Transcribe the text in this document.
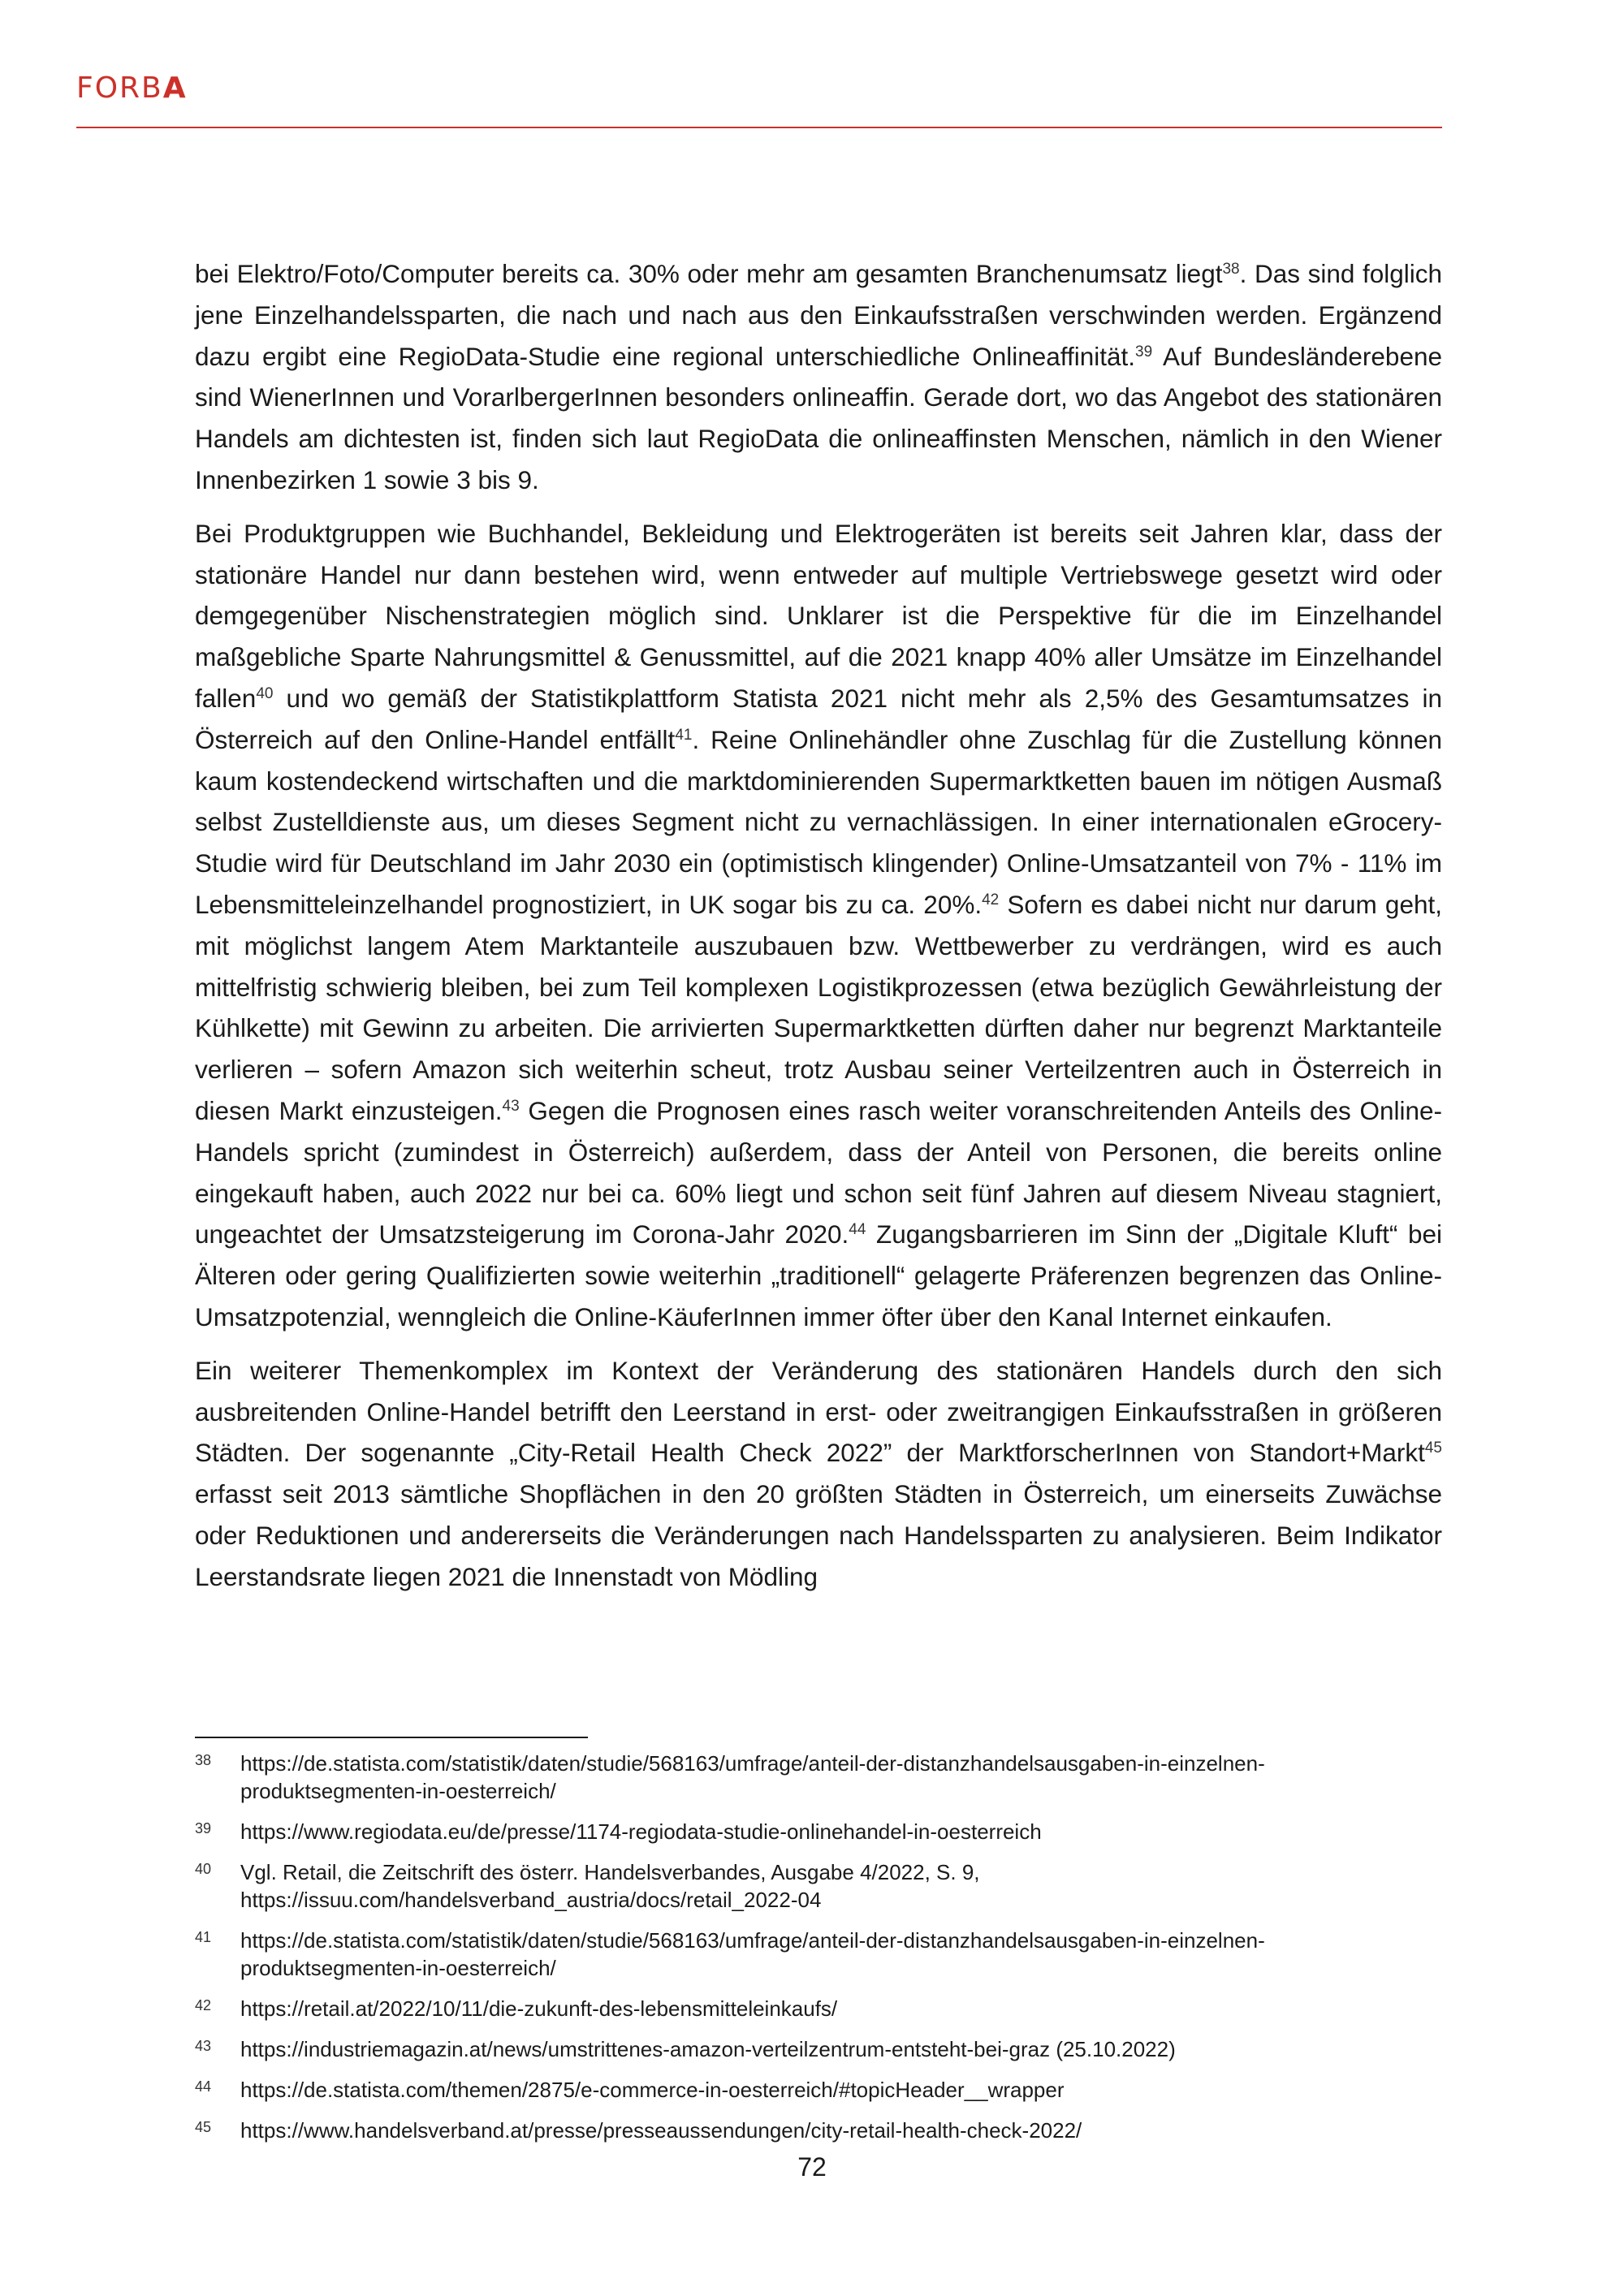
FORBA

bei Elektro/Foto/Computer bereits ca. 30% oder mehr am gesamten Branchenumsatz liegt$^{38}$. Das sind folglich jene Einzelhandelssparten, die nach und nach aus den Einkaufsstraßen verschwinden werden. Ergänzend dazu ergibt eine RegioData-Studie eine regional unterschiedliche Onlineaffinität.$^{39}$ Auf Bundesländerebene sind WienerInnen und VorarlbergerInnen besonders onlineaffin. Gerade dort, wo das Angebot des stationären Handels am dichtesten ist, finden sich laut RegioData die onlineaffinsten Menschen, nämlich in den Wiener Innenbezirken 1 sowie 3 bis 9.

Bei Produktgruppen wie Buchhandel, Bekleidung und Elektrogeräten ist bereits seit Jahren klar, dass der stationäre Handel nur dann bestehen wird, wenn entweder auf multiple Vertriebswege gesetzt wird oder demgegenüber Nischenstrategien möglich sind. Unklarer ist die Perspektive für die im Einzelhandel maßgebliche Sparte Nahrungsmittel & Genussmittel, auf die 2021 knapp 40% aller Umsätze im Einzelhandel fallen$^{40}$ und wo gemäß der Statistikplattform Statista 2021 nicht mehr als 2,5% des Gesamtumsatzes in Österreich auf den Online-Handel entfällt$^{41}$. Reine Onlinehändler ohne Zuschlag für die Zustellung können kaum kostendeckend wirtschaften und die marktdominierenden Supermarktketten bauen im nötigen Ausmaß selbst Zustelldienste aus, um dieses Segment nicht zu vernachlässigen. In einer internationalen eGrocery-Studie wird für Deutschland im Jahr 2030 ein (optimistisch klingender) Online-Umsatzanteil von 7% - 11% im Lebensmitteleinzelhandel prognostiziert, in UK sogar bis zu ca. 20%.$^{42}$ Sofern es dabei nicht nur darum geht, mit möglichst langem Atem Marktanteile auszubauen bzw. Wettbewerber zu verdrängen, wird es auch mittelfristig schwierig bleiben, bei zum Teil komplexen Logistikprozessen (etwa bezüglich Gewährleistung der Kühlkette) mit Gewinn zu arbeiten. Die arrivierten Supermarktketten dürften daher nur begrenzt Marktanteile verlieren – sofern Amazon sich weiterhin scheut, trotz Ausbau seiner Verteilzentren auch in Österreich in diesen Markt einzusteigen.$^{43}$ Gegen die Prognosen eines rasch weiter voranschreitenden Anteils des Online-Handels spricht (zumindest in Österreich) außerdem, dass der Anteil von Personen, die bereits online eingekauft haben, auch 2022 nur bei ca. 60% liegt und schon seit fünf Jahren auf diesem Niveau stagniert, ungeachtet der Umsatzsteigerung im Corona-Jahr 2020.44 Zugangsbarrieren im Sinn der „Digitale Kluft“ bei Älteren oder gering Qualifizierten sowie weiterhin „traditionell“ gelagerte Präferenzen begrenzen das Online-Umsatzpotenzial, wenngleich die Online-KäuferInnen immer öfter über den Kanal Internet einkaufen.

Ein weiterer Themenkomplex im Kontext der Veränderung des stationären Handels durch den sich ausbreitenden Online-Handel betrifft den Leerstand in erst- oder zweitrangigen Einkaufsstraßen in größeren Städten. Der sogenannte „City-Retail Health Check 2022” der MarktforscherInnen von Standort+Markt$^{45}$ erfasst seit 2013 sämtliche Shopflächen in den 20 größten Städten in Österreich, um einerseits Zuwächse oder Reduktionen und andererseits die Veränderungen nach Handelssparten zu analysieren. Beim Indikator Leerstandsrate liegen 2021 die Innenstadt von Mödling

38	https://de.statista.com/statistik/daten/studie/568163/umfrage/anteil-der-distanzhandelsausgaben-in-einzelnen-produktsegmenten-in-oesterreich/
39	https://www.regiodata.eu/de/presse/1174-regiodata-studie-onlinehandel-in-oesterreich
40	Vgl. Retail, die Zeitschrift des österr. Handelsverbandes, Ausgabe 4/2022, S. 9, https://issuu.com/handelsverband_austria/docs/retail_2022-04
41	https://de.statista.com/statistik/daten/studie/568163/umfrage/anteil-der-distanzhandelsausgaben-in-einzelnen-produktsegmenten-in-oesterreich/
42	https://retail.at/2022/10/11/die-zukunft-des-lebensmitteleinkaufs/
43	https://industriemagazin.at/news/umstrittenes-amazon-verteilzentrum-entsteht-bei-graz (25.10.2022)
44	https://de.statista.com/themen/2875/e-commerce-in-oesterreich/#topicHeader__wrapper
45	https://www.handelsverband.at/presse/presseaussendungen/city-retail-health-check-2022/
72
